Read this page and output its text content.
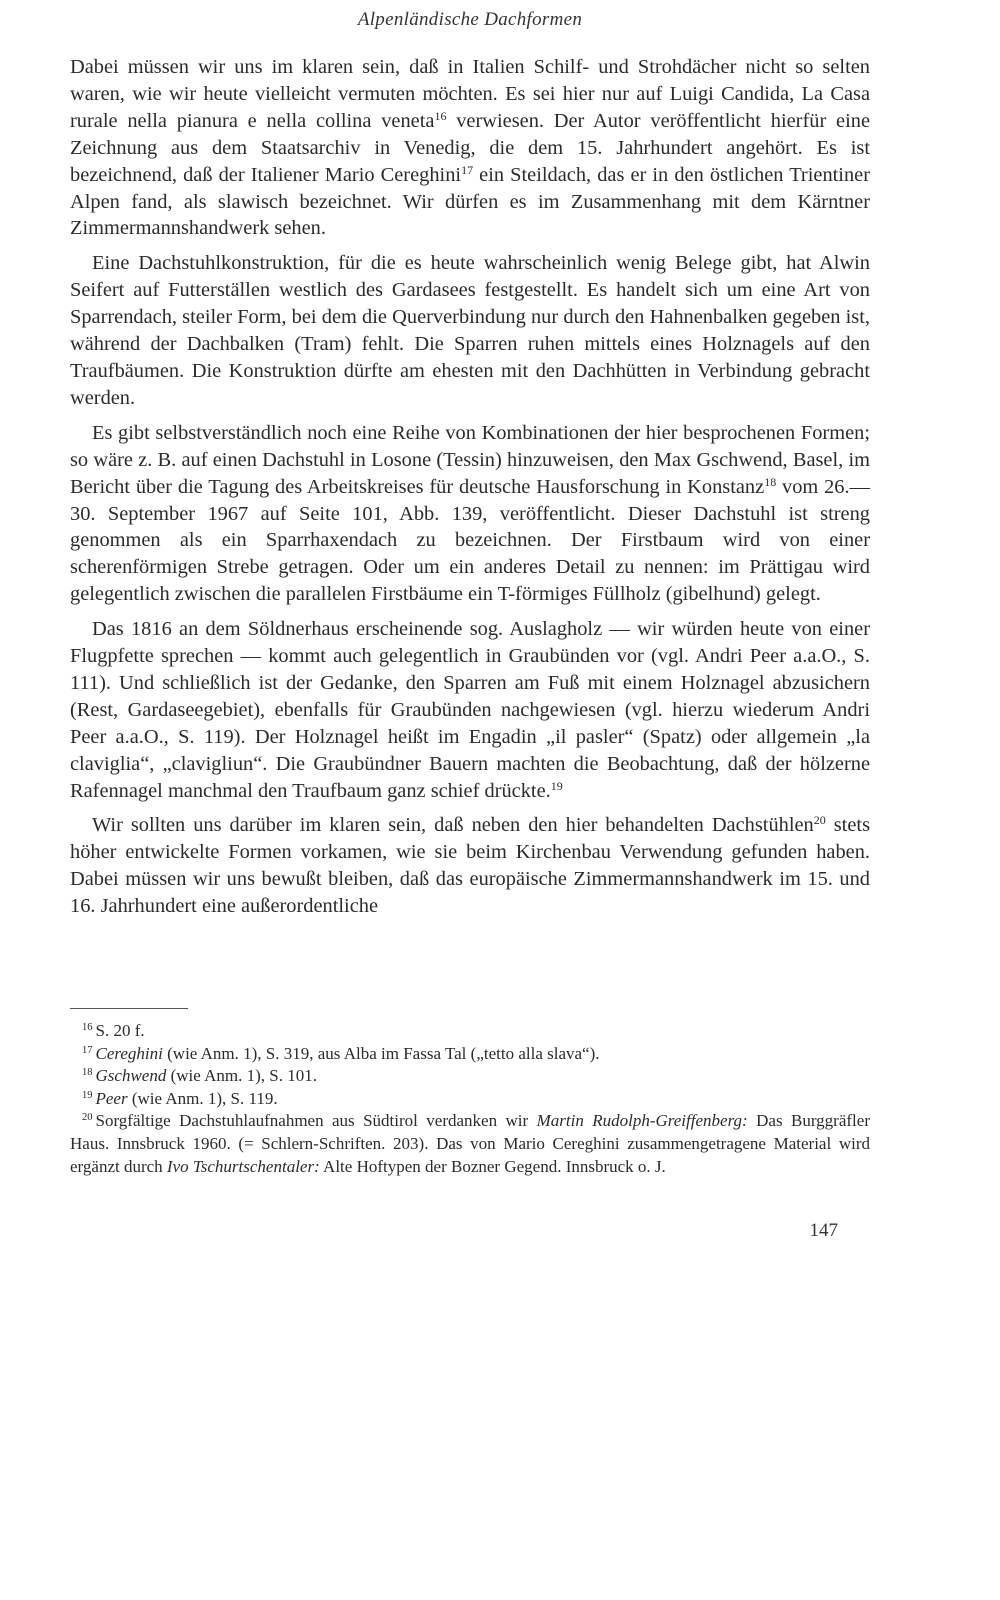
Alpenländische Dachformen

Dabei müssen wir uns im klaren sein, daß in Italien Schilf- und Strohdächer nicht so selten waren, wie wir heute vielleicht vermuten möchten. Es sei hier nur auf Luigi Candida, La Casa rurale nella pianura e nella collina veneta$^{16}$ verwiesen. Der Autor veröffentlicht hierfür eine Zeichnung aus dem Staatsarchiv in Venedig, die dem 15. Jahrhundert angehört. Es ist bezeichnend, daß der Italiener Mario Cereghini$^{17}$ ein Steildach, das er in den östlichen Trientiner Alpen fand, als slawisch bezeichnet. Wir dürfen es im Zusammenhang mit dem Kärntner Zimmermannshandwerk sehen.

Eine Dachstuhlkonstruktion, für die es heute wahrscheinlich wenig Belege gibt, hat Alwin Seifert auf Futterställen westlich des Gardasees festgestellt. Es handelt sich um eine Art von Sparrendach, steiler Form, bei dem die Querverbindung nur durch den Hahnenbalken gegeben ist, während der Dachbalken (Tram) fehlt. Die Sparren ruhen mittels eines Holznagels auf den Traufbäumen. Die Konstruktion dürfte am ehesten mit den Dachhütten in Verbindung gebracht werden.

Es gibt selbstverständlich noch eine Reihe von Kombinationen der hier besprochenen Formen; so wäre z. B. auf einen Dachstuhl in Losone (Tessin) hinzuweisen, den Max Gschwend, Basel, im Bericht über die Tagung des Arbeitskreises für deutsche Hausforschung in Konstanz$^{18}$ vom 26.—30. September 1967 auf Seite 101, Abb. 139, veröffentlicht. Dieser Dachstuhl ist streng genommen als ein Sparrhaxendach zu bezeichnen. Der Firstbaum wird von einer scherenförmigen Strebe getragen. Oder um ein anderes Detail zu nennen: im Prättigau wird gelegentlich zwischen die parallelen Firstbäume ein T-förmiges Füllholz (gibelhund) gelegt.

Das 1816 an dem Söldnerhaus erscheinende sog. Auslagholz — wir würden heute von einer Flugpfette sprechen — kommt auch gelegentlich in Graubünden vor (vgl. Andri Peer a.a.O., S. 111). Und schließlich ist der Gedanke, den Sparren am Fuß mit einem Holznagel abzusichern (Rest, Gardaseegebiet), ebenfalls für Graubünden nachgewiesen (vgl. hierzu wiederum Andri Peer a.a.O., S. 119). Der Holznagel heißt im Engadin „il pasler“ (Spatz) oder allgemein „la claviglia“, „clavigliun“. Die Graubündner Bauern machten die Beobachtung, daß der hölzerne Rafennagel manchmal den Traufbaum ganz schief drückte.$^{19}$

Wir sollten uns darüber im klaren sein, daß neben den hier behandelten Dachstühlen$^{20}$ stets höher entwickelte Formen vorkamen, wie sie beim Kirchenbau Verwendung gefunden haben. Dabei müssen wir uns bewußt bleiben, daß das europäische Zimmermannshandwerk im 15. und 16. Jahrhundert eine außerordentliche

$^{16}$ S. 20 f.

$^{17}$ Cereghini (wie Anm. 1), S. 319, aus Alba im Fassa Tal („tetto alla slava“).

$^{18}$ Gschwend (wie Anm. 1), S. 101.

$^{19}$ Peer (wie Anm. 1), S. 119.

$^{20}$ Sorgfältige Dachstuhlaufnahmen aus Südtirol verdanken wir Martin Rudolph-Greiffenberg: Das Burggräfler Haus. Innsbruck 1960. (= Schlern-Schriften. 203). Das von Mario Cereghini zusammengetragene Material wird ergänzt durch Ivo Tschurtschentaler: Alte Hoftypen der Bozner Gegend. Innsbruck o. J.

147
